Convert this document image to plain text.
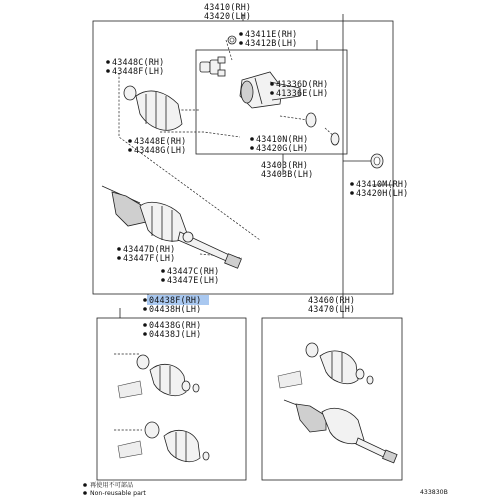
43410(RH)
43420(LH)
43411E(RH)
43412B(LH)
43448C(RH)
43448F(LH)
41336D(RH)
41336E(LH)
43448E(RH)
43448G(LH)
43410N(RH)
43420G(LH)
43403(RH)
43403B(LH)
43410M(RH)
43420H(LH)
43447D(RH)
43447F(LH)
43447C(RH)
43447E(LH)
04438F(RH)
04438H(LH)
04438G(RH)
04438J(LH)
43460(RH)
43470(LH)
再使用不可部品
Non-reusable part	433830B
